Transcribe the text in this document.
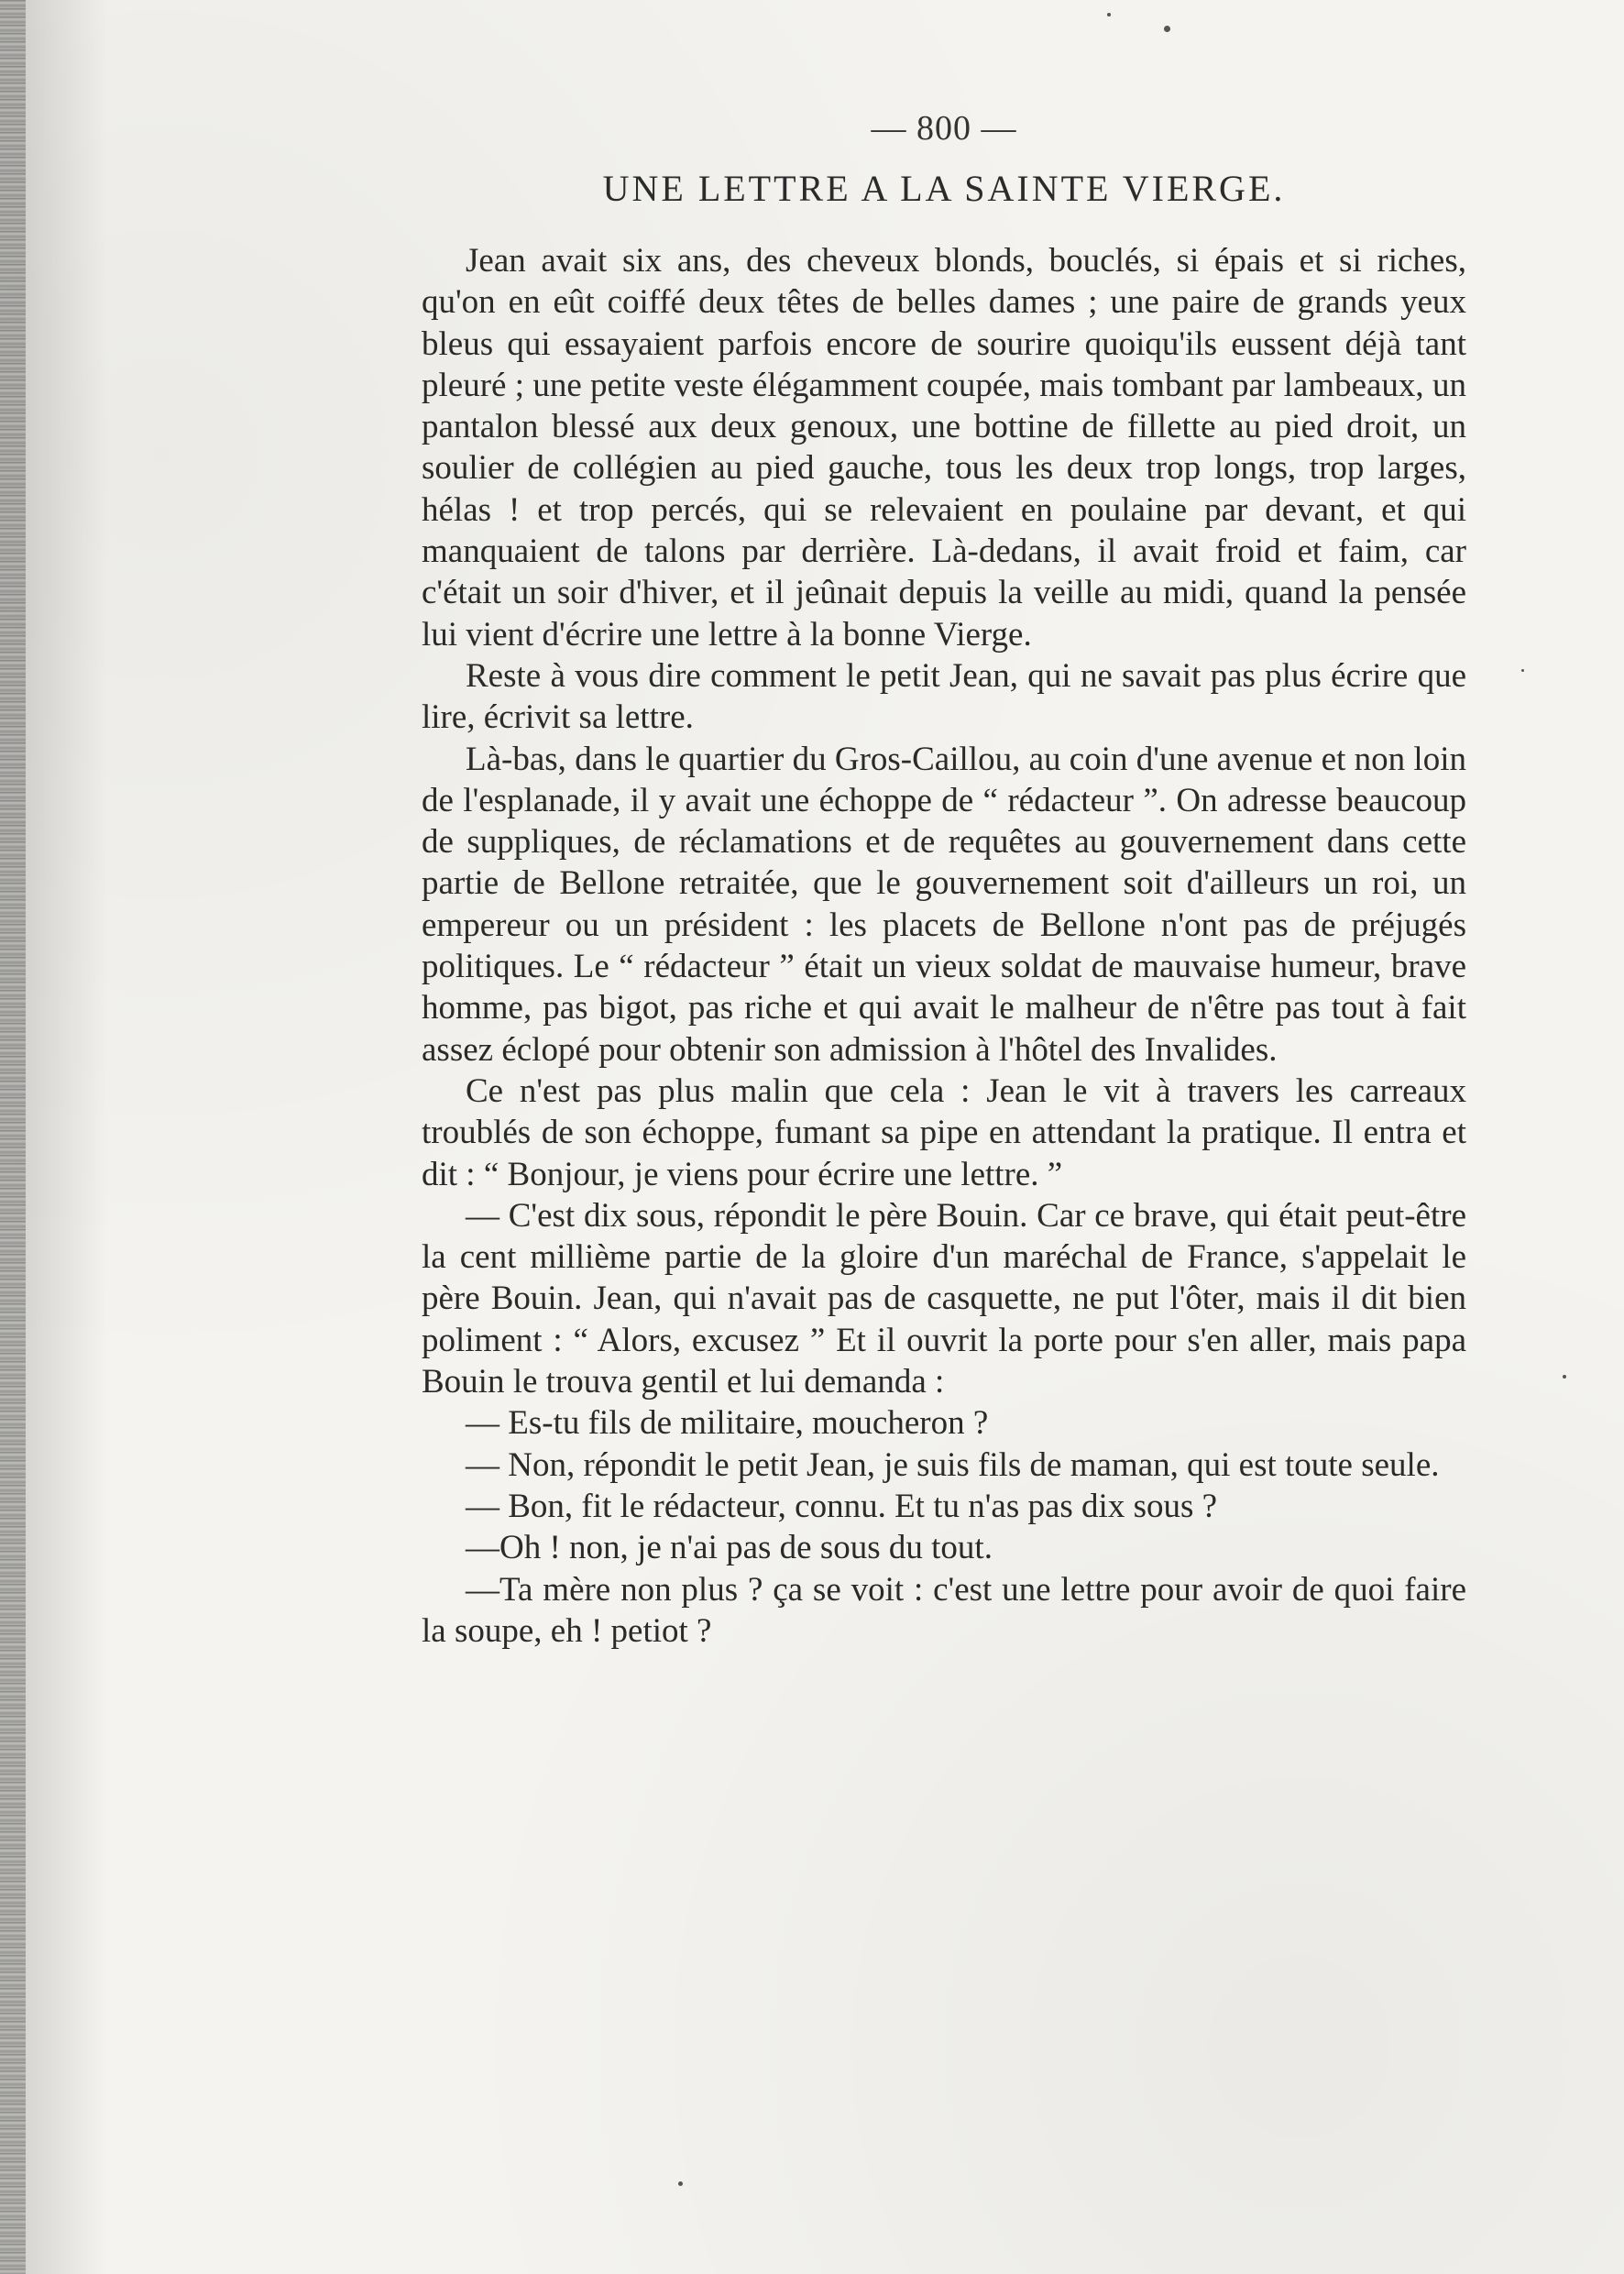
— 800 —
UNE LETTRE A LA SAINTE VIERGE.

Jean avait six ans, des cheveux blonds, bouclés, si épais et si riches, qu'on en eût coiffé deux têtes de belles dames ; une paire de grands yeux bleus qui essayaient parfois encore de sourire quoiqu'ils eussent déjà tant pleuré ; une petite veste élégamment coupée, mais tombant par lambeaux, un pantalon blessé aux deux genoux, une bottine de fillette au pied droit, un soulier de collégien au pied gauche, tous les deux trop longs, trop larges, hélas ! et trop percés, qui se relevaient en poulaine par devant, et qui manquaient de talons par derrière. Là-dedans, il avait froid et faim, car c'était un soir d'hiver, et il jeûnait depuis la veille au midi, quand la pensée lui vient d'écrire une lettre à la bonne Vierge.

Reste à vous dire comment le petit Jean, qui ne savait pas plus écrire que lire, écrivit sa lettre.

Là-bas, dans le quartier du Gros-Caillou, au coin d'une avenue et non loin de l'esplanade, il y avait une échoppe de “ rédacteur ”. On adresse beaucoup de suppliques, de réclamations et de requêtes au gouvernement dans cette partie de Bellone retraitée, que le gouvernement soit d'ailleurs un roi, un empereur ou un président : les placets de Bellone n'ont pas de préjugés politiques. Le “ rédacteur ” était un vieux soldat de mauvaise humeur, brave homme, pas bigot, pas riche et qui avait le malheur de n'être pas tout à fait assez éclopé pour obtenir son admission à l'hôtel des Invalides.

Ce n'est pas plus malin que cela : Jean le vit à travers les carreaux troublés de son échoppe, fumant sa pipe en attendant la pratique. Il entra et dit : “ Bonjour, je viens pour écrire une lettre. ”

— C'est dix sous, répondit le père Bouin. Car ce brave, qui était peut-être la cent millième partie de la gloire d'un maréchal de France, s'appelait le père Bouin. Jean, qui n'avait pas de casquette, ne put l'ôter, mais il dit bien poliment : “ Alors, excusez ” Et il ouvrit la porte pour s'en aller, mais papa Bouin le trouva gentil et lui demanda :

— Es-tu fils de militaire, moucheron ?

— Non, répondit le petit Jean, je suis fils de maman, qui est toute seule.

— Bon, fit le rédacteur, connu. Et tu n'as pas dix sous ?

—Oh ! non, je n'ai pas de sous du tout.

—Ta mère non plus ? ça se voit : c'est une lettre pour avoir de quoi faire la soupe, eh ! petiot ?
